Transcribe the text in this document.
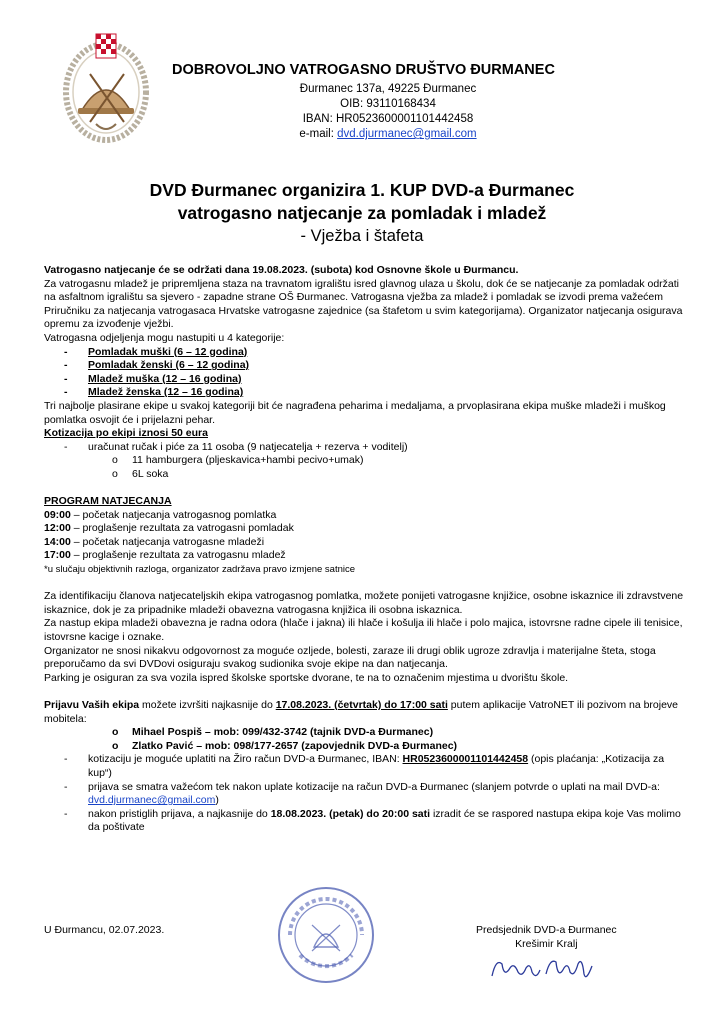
DOBROVOLJNO VATROGASNO DRUŠTVO ĐURMANEC
Đurmanec 137a, 49225 Đurmanec
OIB: 93110168434
IBAN: HR0523600001101442458
e-mail: dvd.djurmanec@gmail.com
DVD Đurmanec organizira 1. KUP DVD-a Đurmanec
vatrogasno natjecanje za pomladak i mladež
- Vježba i štafeta

Vatrogasno natjecanje će se održati dana 19.08.2023. (subota) kod Osnovne škole u Đurmancu.

Za vatrogasnu mladež je pripremljena staza na travnatom igralištu isred glavnog ulaza u školu, dok će se natjecanje za pomladak održati na asfaltnom igralištu sa sjevero - zapadne strane OŠ Đurmanec. Vatrogasna vježba za mladež i pomladak se izvodi prema važećem Priručniku za natjecanja vatrogasaca Hrvatske vatrogasne zajednice (sa štafetom u svim kategorijama). Organizator natjecanja osigurava opremu za izvođenje vježbi.

Vatrogasna odjeljenja mogu nastupiti u 4 kategorije:

- Pomladak muški (6 – 12 godina)
- Pomladak ženski (6 – 12 godina)
- Mladež muška (12 – 16 godina)
- Mladež ženska (12 – 16 godina)

Tri najbolje plasirane ekipe u svakoj kategoriji bit će nagrađena peharima i medaljama, a prvoplasirana ekipa muške mladeži i muškog pomlatka osvojit će i prijelazni pehar.

Kotizacija po ekipi iznosi 50 eura

- uračunat ručak i piće za 11 osoba (9 natjecatelja + rezerva + voditelj)
o 11 hamburgera (pljeskavica+hambi pecivo+umak)
o 6L soka

PROGRAM NATJECANJA

09:00 – početak natjecanja vatrogasnog pomlatka

12:00 – proglašenje rezultata za vatrogasni pomladak

14:00 – početak natjecanja vatrogasne mladeži

17:00 – proglašenje rezultata za vatrogasnu mladež

*u slučaju objektivnih razloga, organizator zadržava pravo izmjene satnice

Za identifikaciju članova natjecateljskih ekipa vatrogasnog pomlatka, možete ponijeti vatrogasne knjižice, osobne iskaznice ili zdravstvene iskaznice, dok je za pripadnike mladeži obavezna vatrogasna knjižica ili osobna iskaznica.

Za nastup ekipa mladeži obavezna je radna odora (hlače i jakna) ili hlače i košulja ili hlače i polo majica, istovrsne radne cipele ili tenisice, istovrsne kacige i oznake.

Organizator ne snosi nikakvu odgovornost za moguće ozljede, bolesti, zaraze ili drugi oblik ugroze zdravlja i materijalne šteta, stoga preporučamo da svi DVDovi osiguraju svakog sudionika svoje ekipe na dan natjecanja.

Parking je osiguran za sva vozila ispred školske sportske dvorane, te na to označenim mjestima u dvorištu škole.

Prijavu Vaših ekipa možete izvršiti najkasnije do 17.08.2023. (četvrtak) do 17:00 sati putem aplikacije VatroNET ili pozivom na brojeve mobitela:

o Mihael Pospiš – mob: 099/432-3742 (tajnik DVD-a Đurmanec)
o Zlatko Pavić – mob: 098/177-2657 (zapovjednik DVD-a Đurmanec)
- kotizaciju je moguće uplatiti na Žiro račun DVD-a Đurmanec, IBAN: HR0523600001101442458 (opis plaćanja: „Kotizacija za kup“)
- prijava se smatra važećom tek nakon uplate kotizacije na račun DVD-a Đurmanec (slanjem potvrde o uplati na mail DVD-a: dvd.djurmanec@gmail.com)
- nakon pristiglih prijava, a najkasnije do 18.08.2023. (petak) do 20:00 sati izradit će se raspored nastupa ekipa koje Vas molimo da poštivate
U Đurmancu, 02.07.2023.	Predsjednik DVD-a Đurmanec
Krešimir Kralj
